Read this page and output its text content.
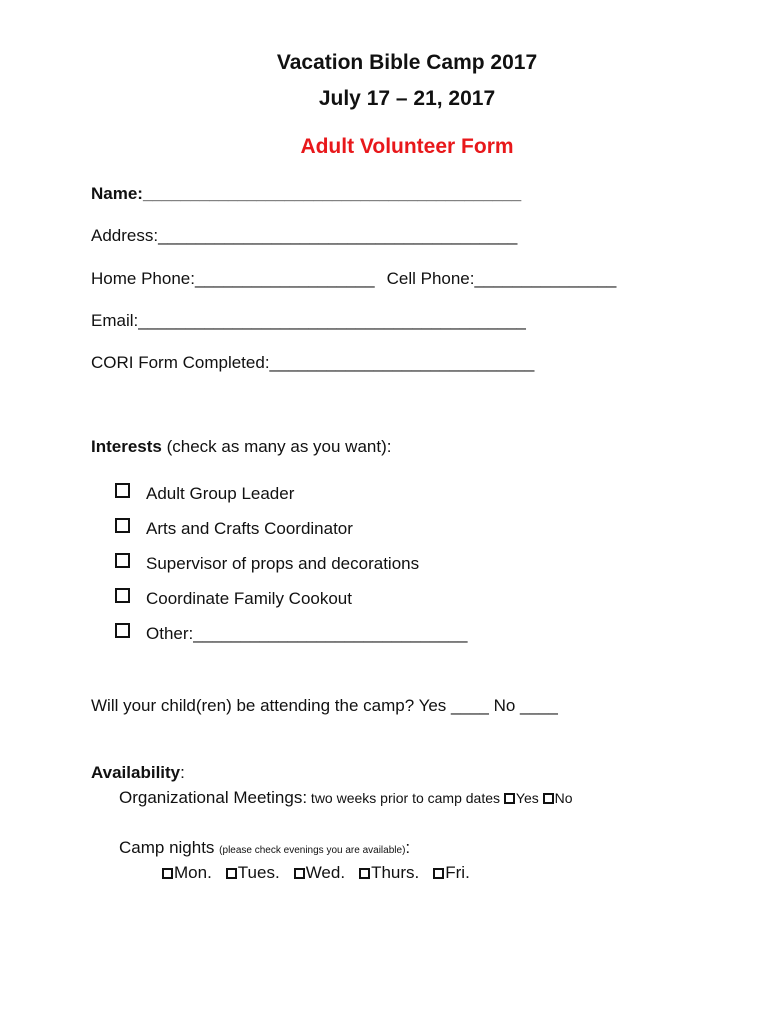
Vacation Bible Camp 2017
July 17 – 21, 2017
Adult Volunteer Form
Name:________________________________________
Address:______________________________________
Home Phone:___________________ Cell Phone:_______________
Email:_________________________________________
CORI Form Completed:____________________________
Interests (check as many as you want):
Adult Group Leader
Arts and Crafts Coordinator
Supervisor of props and decorations
Coordinate Family Cookout
Other:_____________________________
Will your child(ren) be attending the camp? Yes ____ No ____
Availability:
Organizational Meetings: two weeks prior to camp dates Yes No
Camp nights (please check evenings you are available):
Mon. Tues. Wed. Thurs. Fri.
